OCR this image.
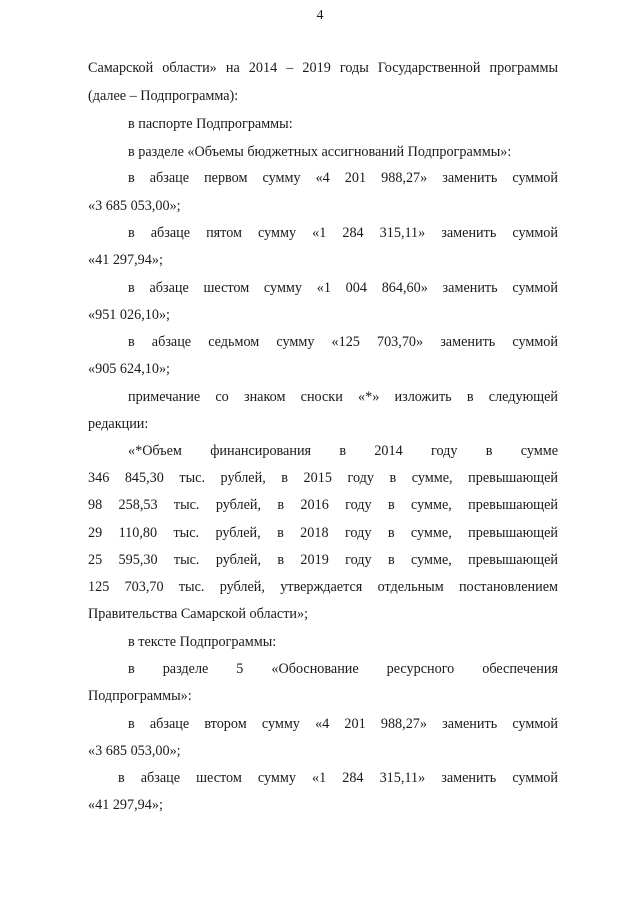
4
Самарской области» на 2014 – 2019 годы Государственной программы
(далее – Подпрограмма):
в паспорте Подпрограммы:
в разделе «Объемы бюджетных ассигнований Подпрограммы»:
в абзаце первом сумму «4 201 988,27» заменить суммой
«3 685 053,00»;
в абзаце пятом сумму «1 284 315,11» заменить суммой
«41 297,94»;
в абзаце шестом сумму «1 004 864,60» заменить суммой
«951 026,10»;
в абзаце седьмом сумму «125 703,70» заменить суммой
«905 624,10»;
примечание со знаком сноски «*» изложить в следующей
редакции:
«*Объем финансирования в 2014 году в сумме
346 845,30 тыс. рублей, в 2015 году в сумме, превышающей
98 258,53 тыс. рублей, в 2016 году в сумме, превышающей
29 110,80 тыс. рублей, в 2018 году в сумме, превышающей
25 595,30 тыс. рублей, в 2019 году в сумме, превышающей
125 703,70 тыс. рублей, утверждается отдельным постановлением
Правительства Самарской области»;
в тексте Подпрограммы:
в разделе 5 «Обоснование ресурсного обеспечения
Подпрограммы»:
в абзаце втором сумму «4 201 988,27» заменить суммой
«3 685 053,00»;
в абзаце шестом сумму «1 284 315,11» заменить суммой
«41 297,94»;
